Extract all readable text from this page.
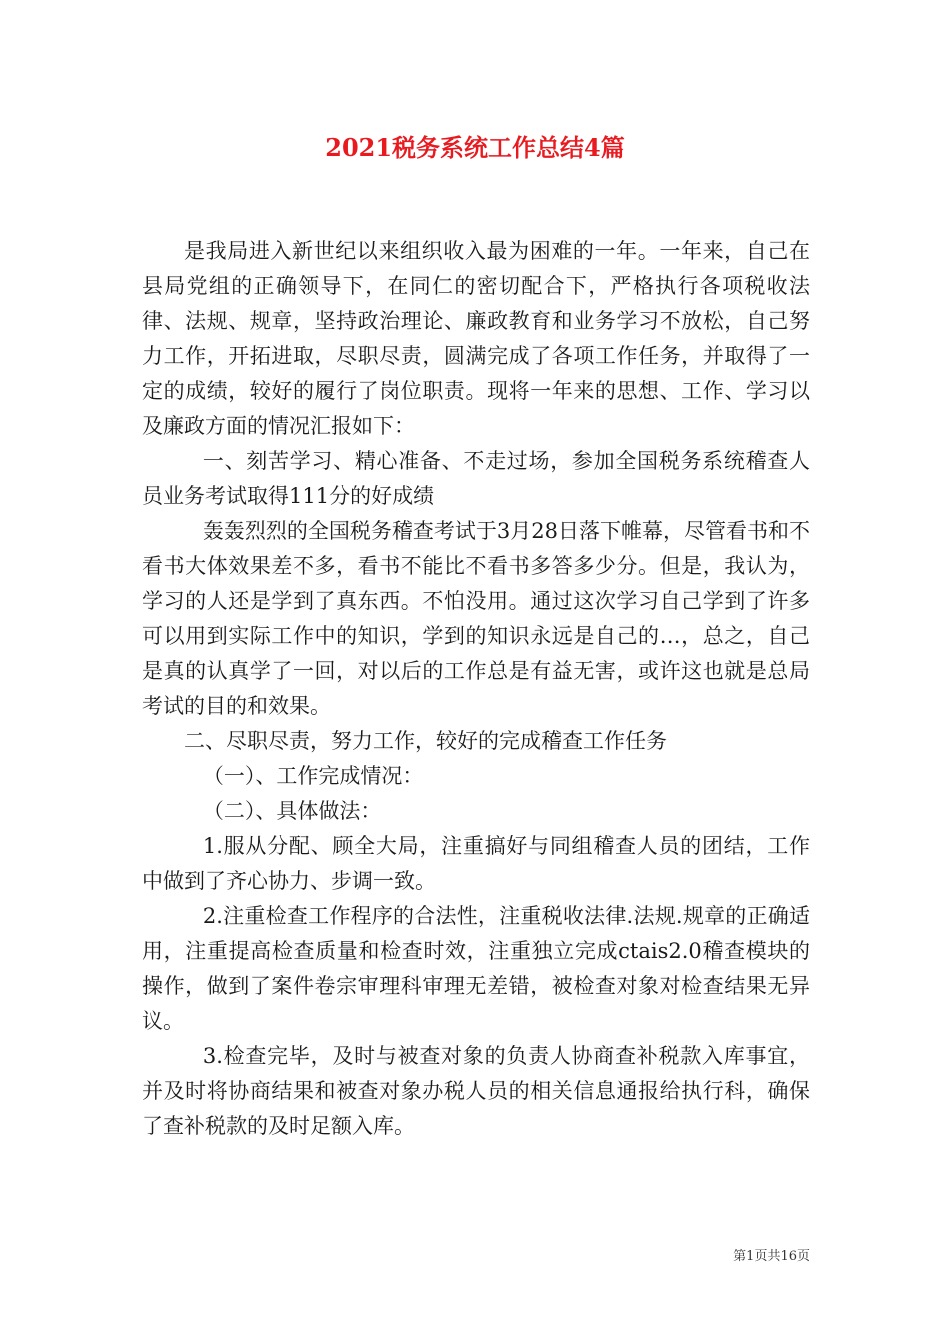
2021税务系统工作总结4篇

是我局进入新世纪以来组织收入最为困难的一年。一年来，自己在县局党组的正确领导下，在同仁的密切配合下，严格执行各项税收法律、法规、规章，坚持政治理论、廉政教育和业务学习不放松，自己努力工作，开拓进取，尽职尽责，圆满完成了各项工作任务，并取得了一定的成绩，较好的履行了岗位职责。现将一年来的思想、工作、学习以及廉政方面的情况汇报如下：

一、刻苦学习、精心准备、不走过场，参加全国税务系统稽查人员业务考试取得111分的好成绩

轰轰烈烈的全国税务稽查考试于3月28日落下帷幕，尽管看书和不看书大体效果差不多，看书不能比不看书多答多少分。但是，我认为，学习的人还是学到了真东西。不怕没用。通过这次学习自己学到了许多可以用到实际工作中的知识，学到的知识永远是自己的…，总之，自己是真的认真学了一回，对以后的工作总是有益无害，或许这也就是总局考试的目的和效果。

二、尽职尽责，努力工作，较好的完成稽查工作任务

（一）、工作完成情况：

（二）、具体做法：

1.服从分配、顾全大局，注重搞好与同组稽查人员的团结，工作中做到了齐心协力、步调一致。

2.注重检查工作程序的合法性，注重税收法律.法规.规章的正确适用，注重提高检查质量和检查时效，注重独立完成ctais2.0稽查模块的操作，做到了案件卷宗审理科审理无差错，被检查对象对检查结果无异议。

3.检查完毕，及时与被查对象的负责人协商查补税款入库事宜，并及时将协商结果和被查对象办税人员的相关信息通报给执行科，确保了查补税款的及时足额入库。

第1页共16页
